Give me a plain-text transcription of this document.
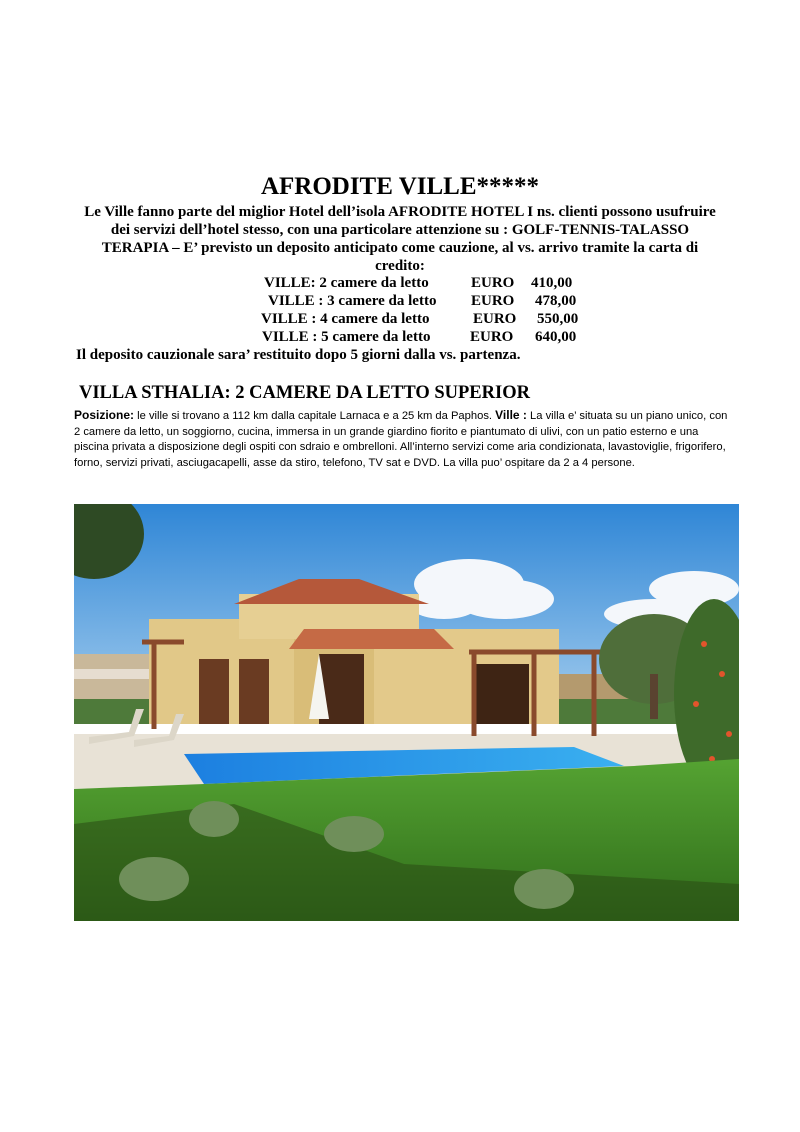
AFRODITE VILLE*****
Le Ville fanno parte del miglior Hotel dell’isola AFRODITE HOTEL I ns. clienti possono usufruire dei servizi dell’hotel stesso, con una particolare attenzione su : GOLF-TENNIS-TALASSO TERAPIA – E’ previsto un deposito anticipato come cauzione, al vs. arrivo tramite la carta di credito:
VILLE: 2 camere da letto	EURO 410,00
VILLE : 3 camere da letto EURO 478,00
VILLE : 4 camere da letto	EURO 550,00
VILLE : 5 camere da letto	EURO 640,00
Il deposito cauzionale sara’ restituito dopo 5 giorni dalla vs. partenza.
VILLA STHALIA: 2 CAMERE DA LETTO SUPERIOR
Posizione: le ville si trovano a 112 km dalla capitale Larnaca e a 25 km da Paphos. Ville : La villa e’ situata su un piano unico, con 2 camere da letto, un soggiorno, cucina, immersa in un grande giardino fiorito e piantumato di ulivi, con un patio esterno e una piscina privata a disposizione degli ospiti con sdraio e ombrelloni. All’interno servizi come aria condizionata, lavastoviglie, frigorifero, forno, servizi privati, asciugacapelli, asse da stiro, telefono, TV sat e DVD. La villa puo’ ospitare da 2 a 4 persone.
